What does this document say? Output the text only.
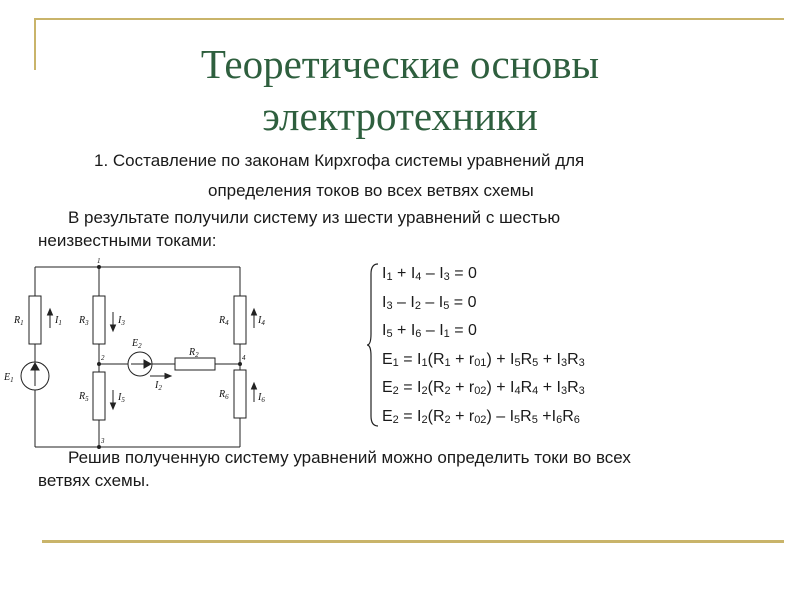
Теоретические основы
электротехники
1. Составление по законам Кирхгофа системы уравнений для
определения токов во всех ветвях схемы
В результате получили систему из шести уравнений с шестью
неизвестными токами:
$R_1$	$I_1$ $R_3$	$I_3$
$R_5$	$I_5$
$R_4$	$I_4$
$R_6$	$I_6$
$R_2$
$I_2$
$E_1$
$E_2$
1
2
3
4
$I_1 + I_4 - I_3 = 0$
$I_3 - I_2 - I_5 = 0$
$I_5 + I_6 - I_1 = 0$
$E_1 = I_1(R_1 + r_{01}) + I_5R_5 + I_3R_3$
$E_2 = I_2(R_2 + r_{02}) + I_4R_4 + I_3R_3$
$E_2 = I_2(R_2 + r_{02}) - I_5R_5 +I_6R_6$
Решив полученную систему уравнений можно определить токи во всех
ветвях схемы.
